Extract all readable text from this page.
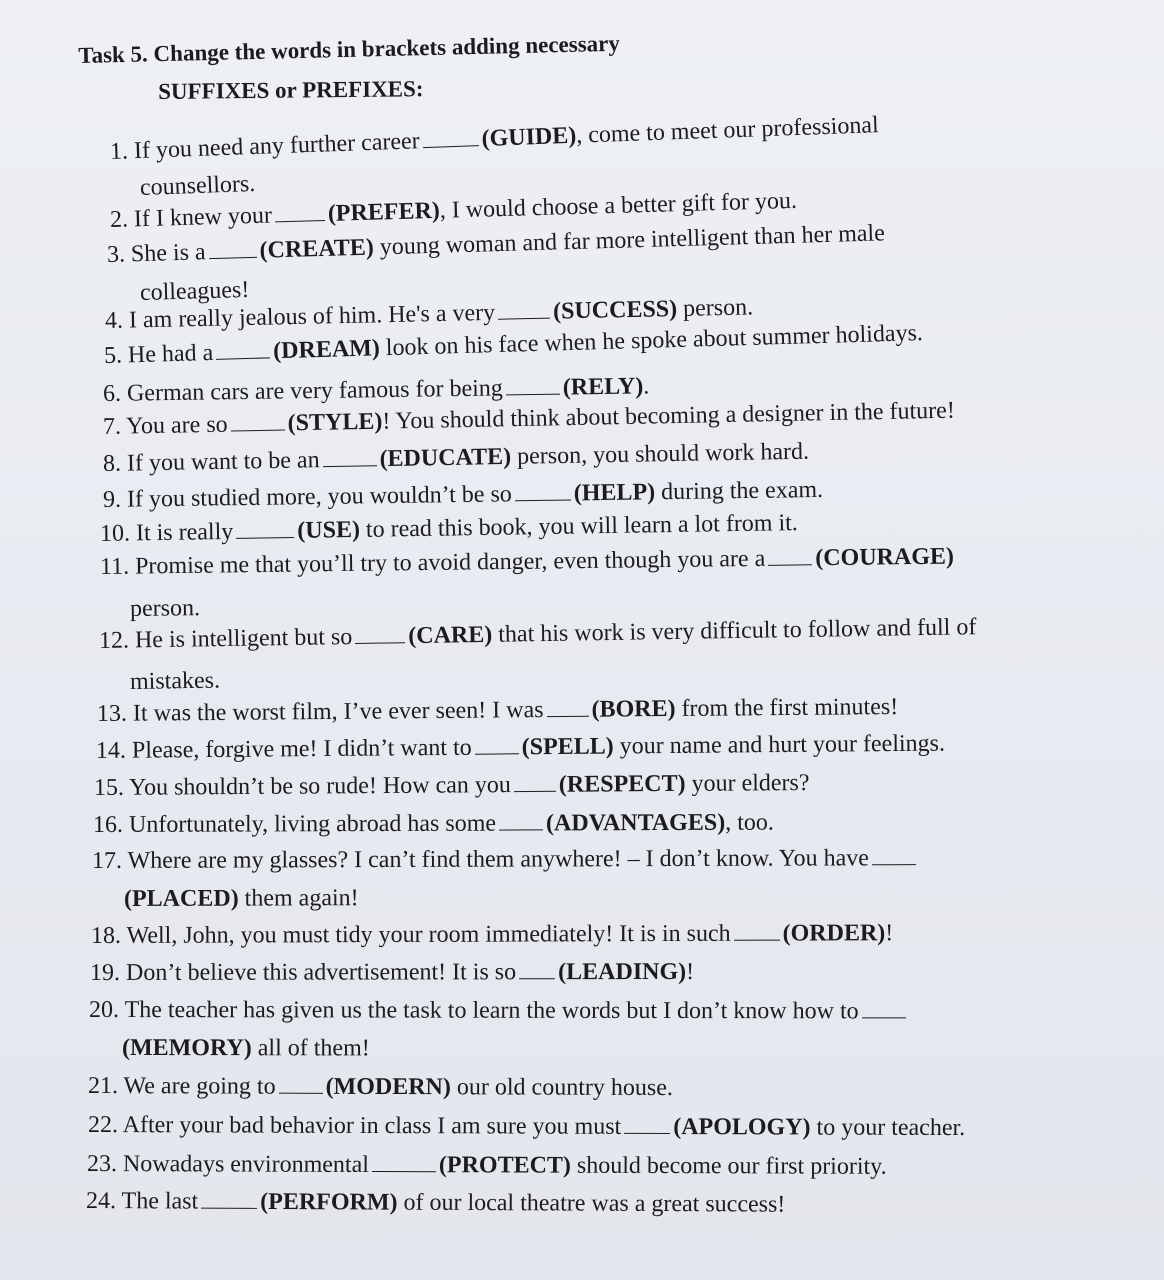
Task 5. Change the words in brackets adding necessary
SUFFIXES or PREFIXES:
1. If you need any further career	(GUIDE), come to meet our professional
counsellors.
2. If I knew your (PREFER), I would choose a better gift for you.
3. She is a (CREATE) young woman and far more intelligent than her male
colleagues!
4. I am really jealous of him. He's a very (SUCCESS) person.
5. He had a (DREAM) look on his face when he spoke about summer holidays.
6. German cars are very famous for being (RELY).
7. You are so (STYLE)! You should think about becoming a designer in the future!
8. If you want to be an (EDUCATE) person, you should work hard.
9. If you studied more, you wouldn’t be so	(HELP) during the exam.
10. It is really	(USE) to read this book, you will learn a lot from it.
11. Promise me that you’ll try to avoid danger, even though you are a (COURAGE)
person.
12. He is intelligent but so (CARE) that his work is very difficult to follow and full of
mistakes.
13. It was the worst film, I’ve ever seen! I was (BORE) from the first minutes!
14. Please, forgive me! I didn’t want to (SPELL) your name and hurt your feelings.
15. You shouldn’t be so rude! How can you (RESPECT) your elders?
16. Unfortunately, living abroad has some (ADVANTAGES), too.
17. Where are my glasses? I can’t find them anywhere! – I don’t know. You have
(PLACED) them again!
18. Well, John, you must tidy your room immediately! It is in such (ORDER)!
19. Don’t believe this advertisement! It is so (LEADING)!
20. The teacher has given us the task to learn the words but I don’t know how to
(MEMORY) all of them!
21. We are going to (MODERN) our old country house.
22. After your bad behavior in class I am sure you must (APOLOGY) to your teacher.
23. Nowadays environmental	(PROTECT) should become our first priority.
24. The last	(PERFORM) of our local theatre was a great success!
